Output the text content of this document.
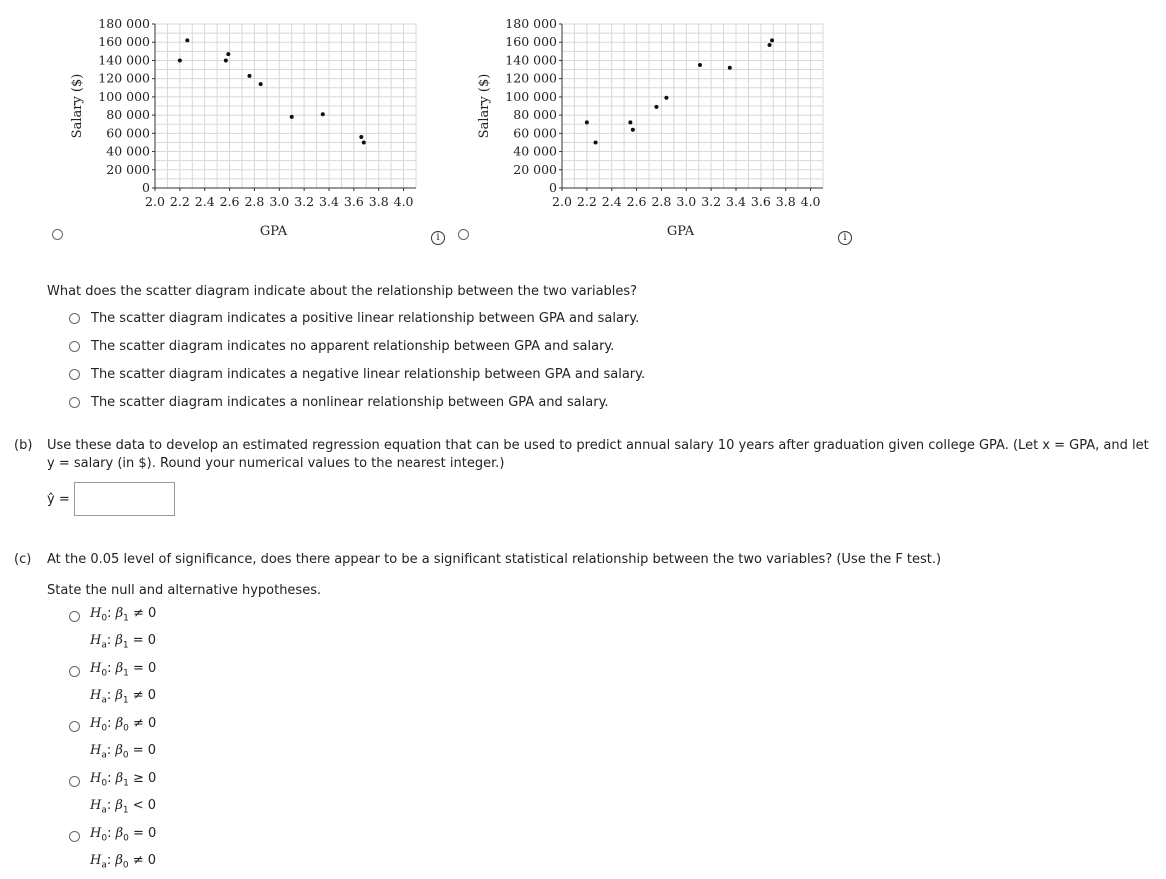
180 000
160 000
140 000
120 000
100 000
80 000
60 000
40 000
20 000
0
2.0 2.2 2.4 2.6 2.8 3.0 3.2 3.4 3.6 3.8 4.0
GPA
Salary ($)
i
180 000
160 000
140 000
120 000
100 000
80 000
60 000
40 000
20 000
0
2.0 2.2 2.4 2.6 2.8 3.0 3.2 3.4 3.6 3.8 4.0
GPA
Salary ($)
i
What does the scatter diagram indicate about the relationship between the two variables?
The scatter diagram indicates a positive linear relationship between GPA and salary.
The scatter diagram indicates no apparent relationship between GPA and salary.
The scatter diagram indicates a negative linear relationship between GPA and salary.
The scatter diagram indicates a nonlinear relationship between GPA and salary.
(b) Use these data to develop an estimated regression equation that can be used to predict annual salary 10 years after graduation given college GPA. (Let x = GPA, and let
y = salary (in $). Round your numerical values to the nearest integer.)
ŷ =
(c) At the 0.05 level of significance, does there appear to be a significant statistical relationship between the two variables? (Use the F test.)
State the null and alternative hypotheses.
$H_0$: $\beta_1 \ne 0$
$H_a$: $\beta_1 = 0$
$H_0$: $\beta_1 = 0$
$H_a$: $\beta_1 \ne 0$
$H_0$: $\beta_0 \ne 0$
$H_a$: $\beta_0 = 0$
$H_0$: $\beta_1 \ge 0$
$H_a$: $\beta_1 < 0$
$H_0$: $\beta_0 = 0$
$H_a$: $\beta_0 \ne 0$
